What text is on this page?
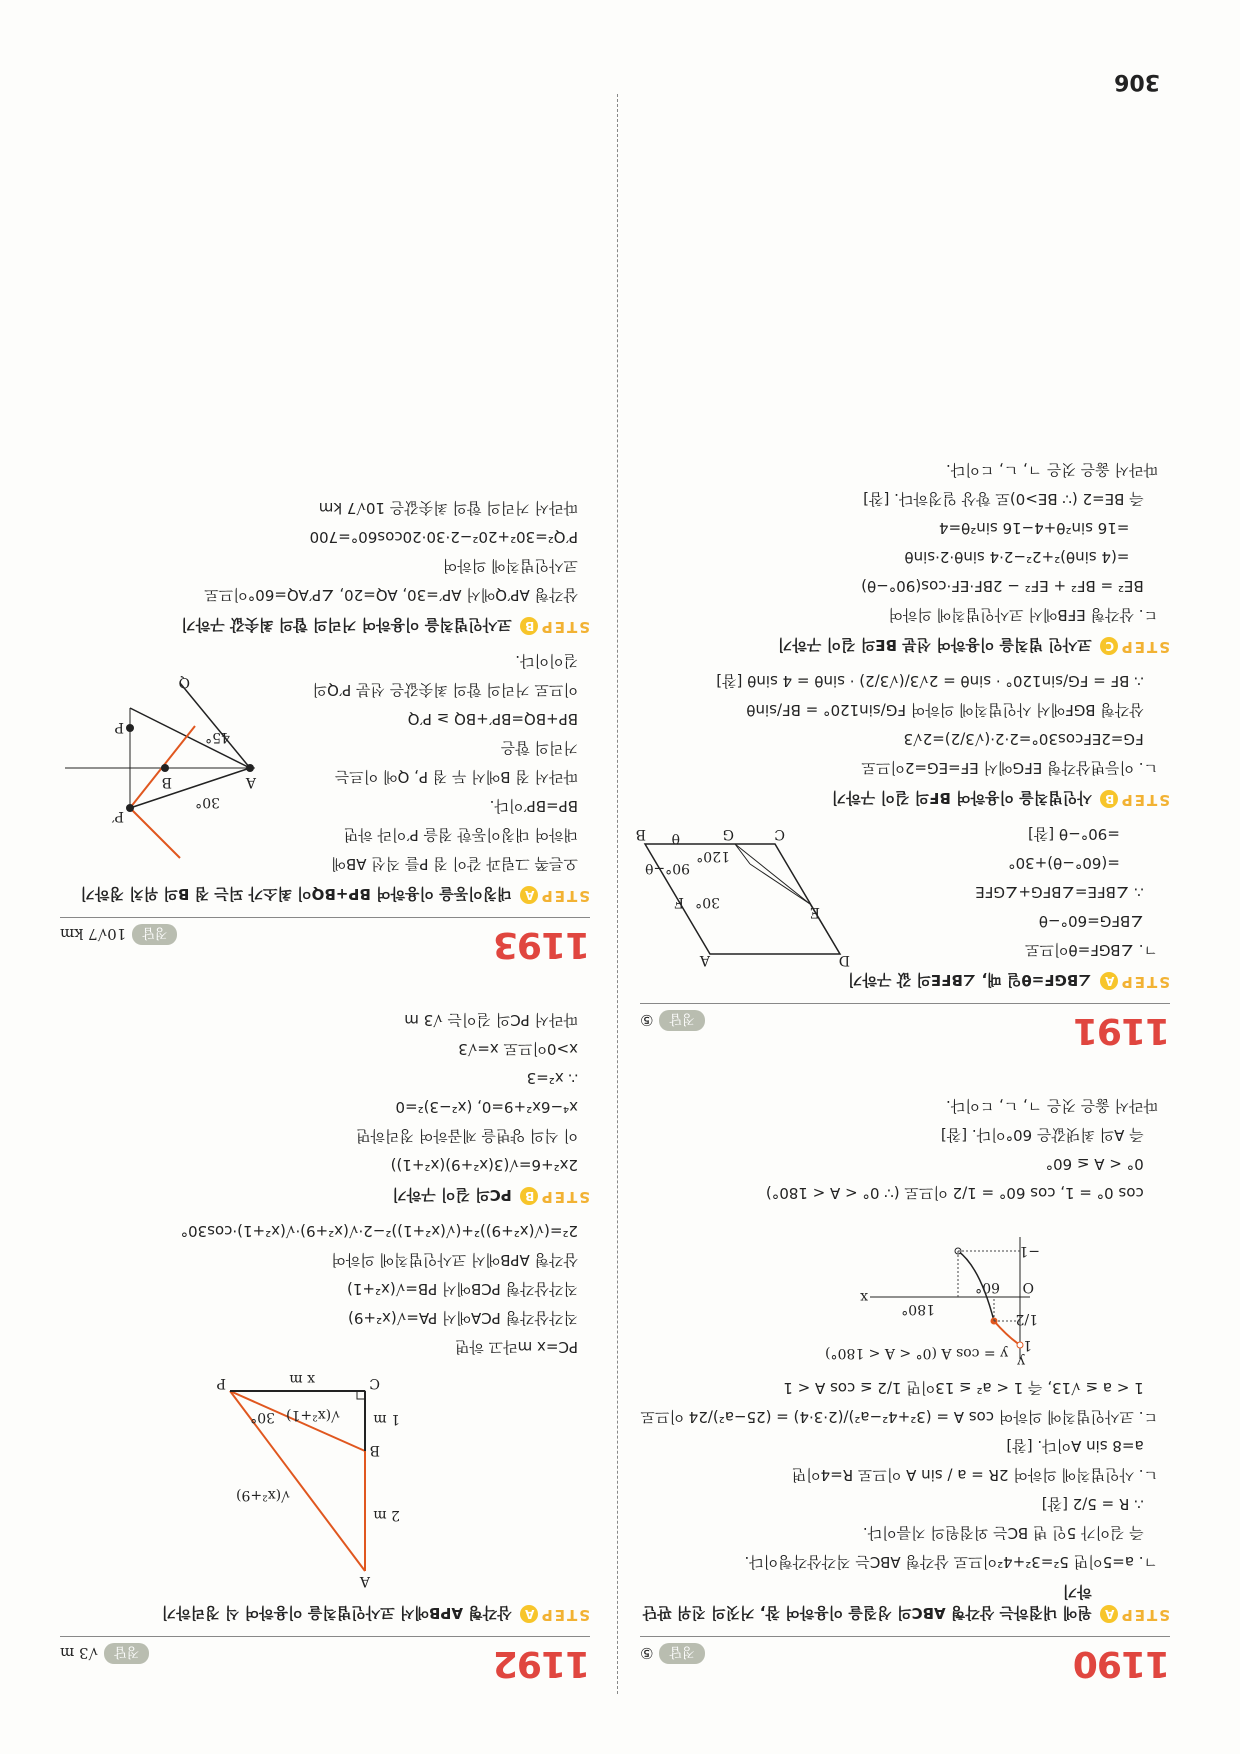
1190
정답
⑤
STEPA
원에 내접하는 삼각형 ABC의 성질을 이용하여 참, 거짓의 진위 판단하기
ㄱ. a=5이면 5²=3²+4²이므로 삼각형 ABC는 직각삼각형이다.
즉 길이가 5인 변 BC는 외접원의 지름이다.
∴ R = 5/2 [참]
ㄴ. 사인법칙에 의하여 2R = a / sin A 이므로 R=4이면
a=8 sin A이다. [참]
ㄷ. 코사인법칙에 의하여 cos A = (3²+4²−a²)/(2·3·4) = (25−a²)/24 이므로
1 < a ≤ √13, 즉 1 < a² ≤ 13이면 1/2 ≤ cos A < 1
y
x
O
1
1/2
−1
60°
180°
y = cos A (0° < A < 180°)
cos 0° = 1, cos 60° = 1/2 이므로 (∵ 0° < A < 180°)
0° < A ≤ 60°
즉 A의 최댓값은 60°이다. [참]
따라서 옳은 것은 ㄱ, ㄴ, ㄷ이다.
1191
정답
⑤
STEPA
∠BGF=θ일 때, ∠BFE의 값 구하기
ㄱ. ∠BGF=θ이므로
∠BFG=60°−θ
∴ ∠BFE=∠BFG+∠GFE
=(60°−θ)+30°
=90°−θ [참]
A	D
B	C
G
E
F
120°
30°
90°−θ
θ
STEPB
사인법칙을 이용하여 BF의 길이 구하기
ㄴ. 이등변삼각형 EFG에서 EF=EG=2이므로
FG=2EFcos30°=2·2·(√3/2)=2√3
삼각형 BGF에서 사인법칙에 의하여 FG/sin120° = BF/sinθ
∴ BF = FG/sin120° · sinθ = 2√3/(√3/2) · sinθ = 4 sinθ [참]
STEPC
코사인 법칙을 이용하여 선분 BE의 길이 구하기
ㄷ. 삼각형 EFB에서 코사인법칙에 의하여
BE² = BF² + EF² − 2BF·EF·cos(90°−θ)
=(4 sinθ)²+2²−2·4 sinθ·2·sinθ
=16 sin²θ+4−16 sin²θ=4
즉 BE=2 (∵ BE>0)로 항상 일정하다. [참]
따라서 옳은 것은 ㄱ, ㄴ, ㄷ이다.
1192
정답
√3 m
STEPA
삼각형 APB에서 코사인법칙을 이용하여 식 정리하기
A
B
C
P	x m
1 m
2 m
√(x²+1)
√(x²+9)
30°
PC=x m라고 하면
직각삼각형 PCA에서 PA=√(x²+9)
직각삼각형 PCB에서 PB=√(x²+1)
삼각형 APB에서 코사인법칙에 의하여
2²=(√(x²+9))²+(√(x²+1))²−2·√(x²+9)·√(x²+1)·cos30°
STEPB
PC의 길이 구하기
2x²+6=√(3(x²+9)(x²+1))
이 식의 양변을 제곱하여 정리하면
x⁴−6x²+9=0, (x²−3)²=0
∴ x²=3
x>0이므로 x=√3
따라서 PC의 길이는 √3 m
1193
정답
10√7 km
STEPA
대칭이동을 이용하여 BP+BQ이 최소가 되는 점 B의 위치 정하기
오른쪽 그림과 같이 점 P를 직선 AB에
대하여 대칭이동한 점을 P′이라 하면
BP=BP′이다.
따라서 점 B에서 두 점 P, Q에 이르는
거리의 합은
BP+BQ=BP′+BQ ≥ P′Q
이므로 거리의 합의 최솟값은 선분 P′Q의
길이이다.
A
B
P′
P
Q
30°
45°
STEPB
코사인법칙을 이용하여 거리의 합의 최솟값 구하기
삼각형 AP′Q에서 AP′=30, AQ=20, ∠P′AQ=60°이므로
코사인법칙에 의하여
P′Q²=30²+20²−2·30·20cos60°=700
따라서 거리의 합의 최솟값은 10√7 km
306
